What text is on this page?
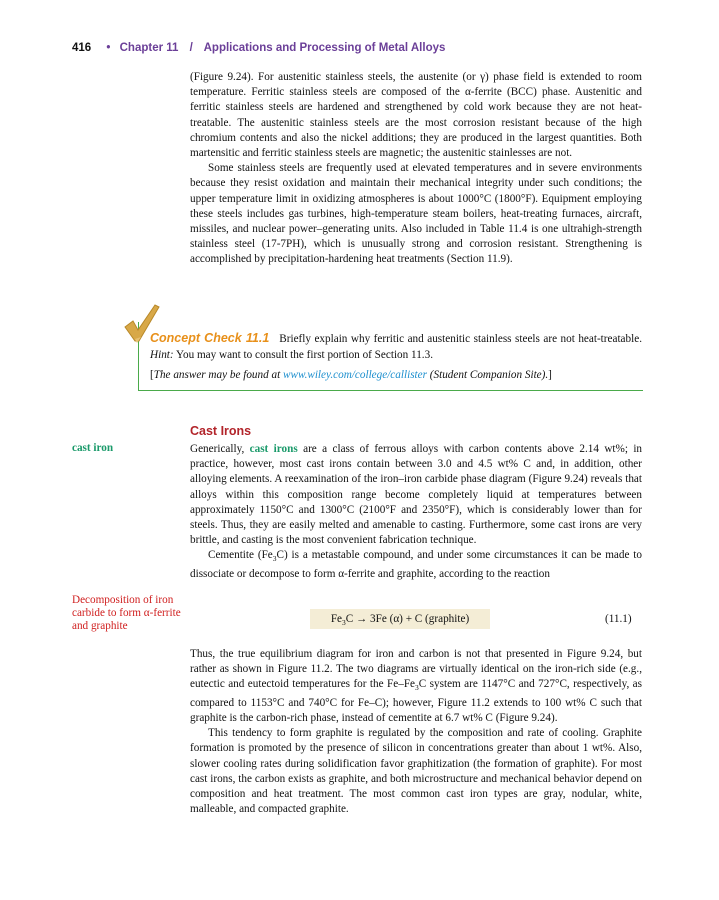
416 • Chapter 11 / Applications and Processing of Metal Alloys

(Figure 9.24). For austenitic stainless steels, the austenite (or γ) phase field is extended to room temperature. Ferritic stainless steels are composed of the α-ferrite (BCC) phase. Austenitic and ferritic stainless steels are hardened and strengthened by cold work because they are not heat-treatable. The austenitic stainless steels are the most corrosion resistant because of the high chromium contents and also the nickel additions; they are produced in the largest quantities. Both martensitic and ferritic stainless steels are magnetic; the austenitic stainlesses are not.

Some stainless steels are frequently used at elevated temperatures and in severe environments because they resist oxidation and maintain their mechanical integrity under such conditions; the upper temperature limit in oxidizing atmospheres is about 1000°C (1800°F). Equipment employing these steels includes gas turbines, high-temperature steam boilers, heat-treating furnaces, aircraft, missiles, and nuclear power–generating units. Also included in Table 11.4 is one ultrahigh-strength stainless steel (17-7PH), which is unusually strong and corrosion resistant. Strengthening is accomplished by precipitation-hardening heat treatments (Section 11.9).

Concept Check 11.1 Briefly explain why ferritic and austenitic stainless steels are not heat-treatable. Hint: You may want to consult the first portion of Section 11.3.

[The answer may be found at www.wiley.com/college/callister (Student Companion Site).]

Cast Irons
cast iron	Generically, cast irons are a class of ferrous alloys with carbon contents above 2.14 wt%; in practice, however, most cast irons contain between 3.0 and 4.5 wt% C and, in addition, other alloying elements. A reexamination of the iron–iron carbide phase diagram (Figure 9.24) reveals that alloys within this composition range become completely liquid at temperatures between approximately 1150°C and 1300°C (2100°F and 2350°F), which is considerably lower than for steels. Thus, they are easily melted and amenable to casting. Furthermore, some cast irons are very brittle, and casting is the most convenient fabrication technique.

Cementite $(Fe_3C)$ is a metastable compound, and under some circumstances it can be made to dissociate or decompose to form α-ferrite and graphite, according to the reaction

Decomposition of iron carbide to form α-ferrite and graphite
$Fe_3C \to 3Fe$ (α) + C (graphite)	(11.1)

Thus, the true equilibrium diagram for iron and carbon is not that presented in Figure 9.24, but rather as shown in Figure 11.2. The two diagrams are virtually identical on the iron-rich side (e.g., eutectic and eutectoid temperatures for the $Fe-Fe_3C$ system are 1147°C and 727°C, respectively, as compared to 1153°C and 740°C for Fe–C); however, Figure 11.2 extends to 100 wt% C such that graphite is the carbon-rich phase, instead of cementite at 6.7 wt% C (Figure 9.24).

This tendency to form graphite is regulated by the composition and rate of cooling. Graphite formation is promoted by the presence of silicon in concentrations greater than about 1 wt%. Also, slower cooling rates during solidification favor graphitization (the formation of graphite). For most cast irons, the carbon exists as graphite, and both microstructure and mechanical behavior depend on composition and heat treatment. The most common cast iron types are gray, nodular, white, malleable, and compacted graphite.
